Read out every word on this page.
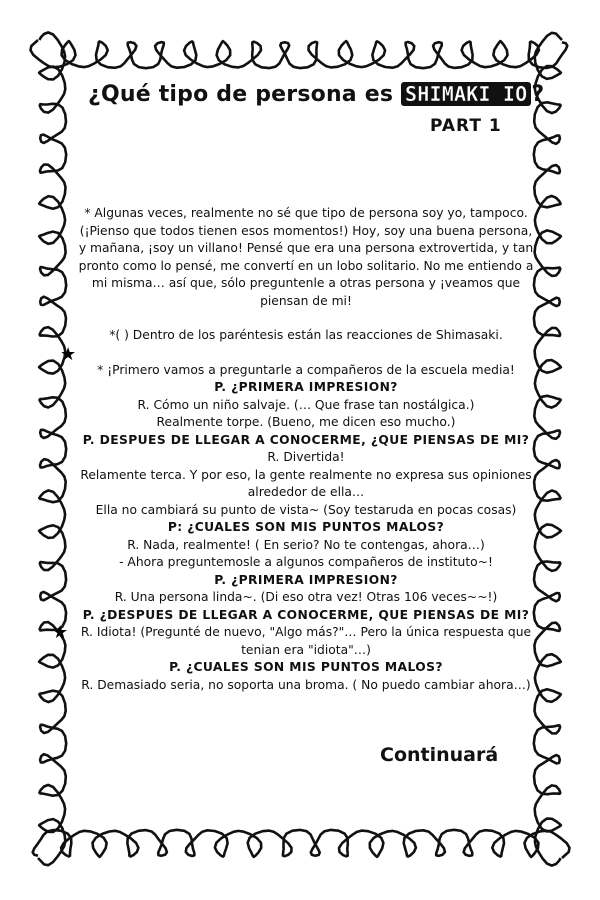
¿Qué tipo de persona es SHIMAKI IO ?
PART 1
★
★

* Algunas veces, realmente no sé que tipo de persona soy yo, tampoco. (¡Pienso que todos tienen esos momentos!) Hoy, soy una buena persona, y mañana, ¡soy un villano! Pensé que era una persona extrovertida, y tan pronto como lo pensé, me convertí en un lobo solitario. No me entiendo a mi misma… así que, sólo preguntenle a otras persona y ¡veamos que piensan de mi!

*( ) Dentro de los paréntesis están las reacciones de Shimasaki.

* ¡Primero vamos a preguntarle a compañeros de la escuela media!

P. ¿PRIMERA IMPRESION?

R. Cómo un niño salvaje. (… Que frase tan nostálgica.)

Realmente torpe. (Bueno, me dicen eso mucho.)

P. DESPUES DE LLEGAR A CONOCERME, ¿QUE PIENSAS DE MI?

R. Divertida!

Relamente terca. Y por eso, la gente realmente no expresa sus opiniones alrededor de ella…

Ella no cambiará su punto de vista~ (Soy testaruda en pocas cosas)

P: ¿CUALES SON MIS PUNTOS MALOS?

R. Nada, realmente! ( En serio? No te contengas, ahora…)

- Ahora preguntemosle a algunos compañeros de instituto~!

P. ¿PRIMERA IMPRESION?

R. Una persona linda~. (Di eso otra vez! Otras 106 veces~~!)

P. ¿DESPUES DE LLEGAR A CONOCERME, QUE PIENSAS DE MI?

R. Idiota! (Pregunté de nuevo, "Algo más?"… Pero la única respuesta que tenian era "idiota"…)

P. ¿CUALES SON MIS PUNTOS MALOS?

R. Demasiado seria, no soporta una broma. ( No puedo cambiar ahora…)

Continuará
